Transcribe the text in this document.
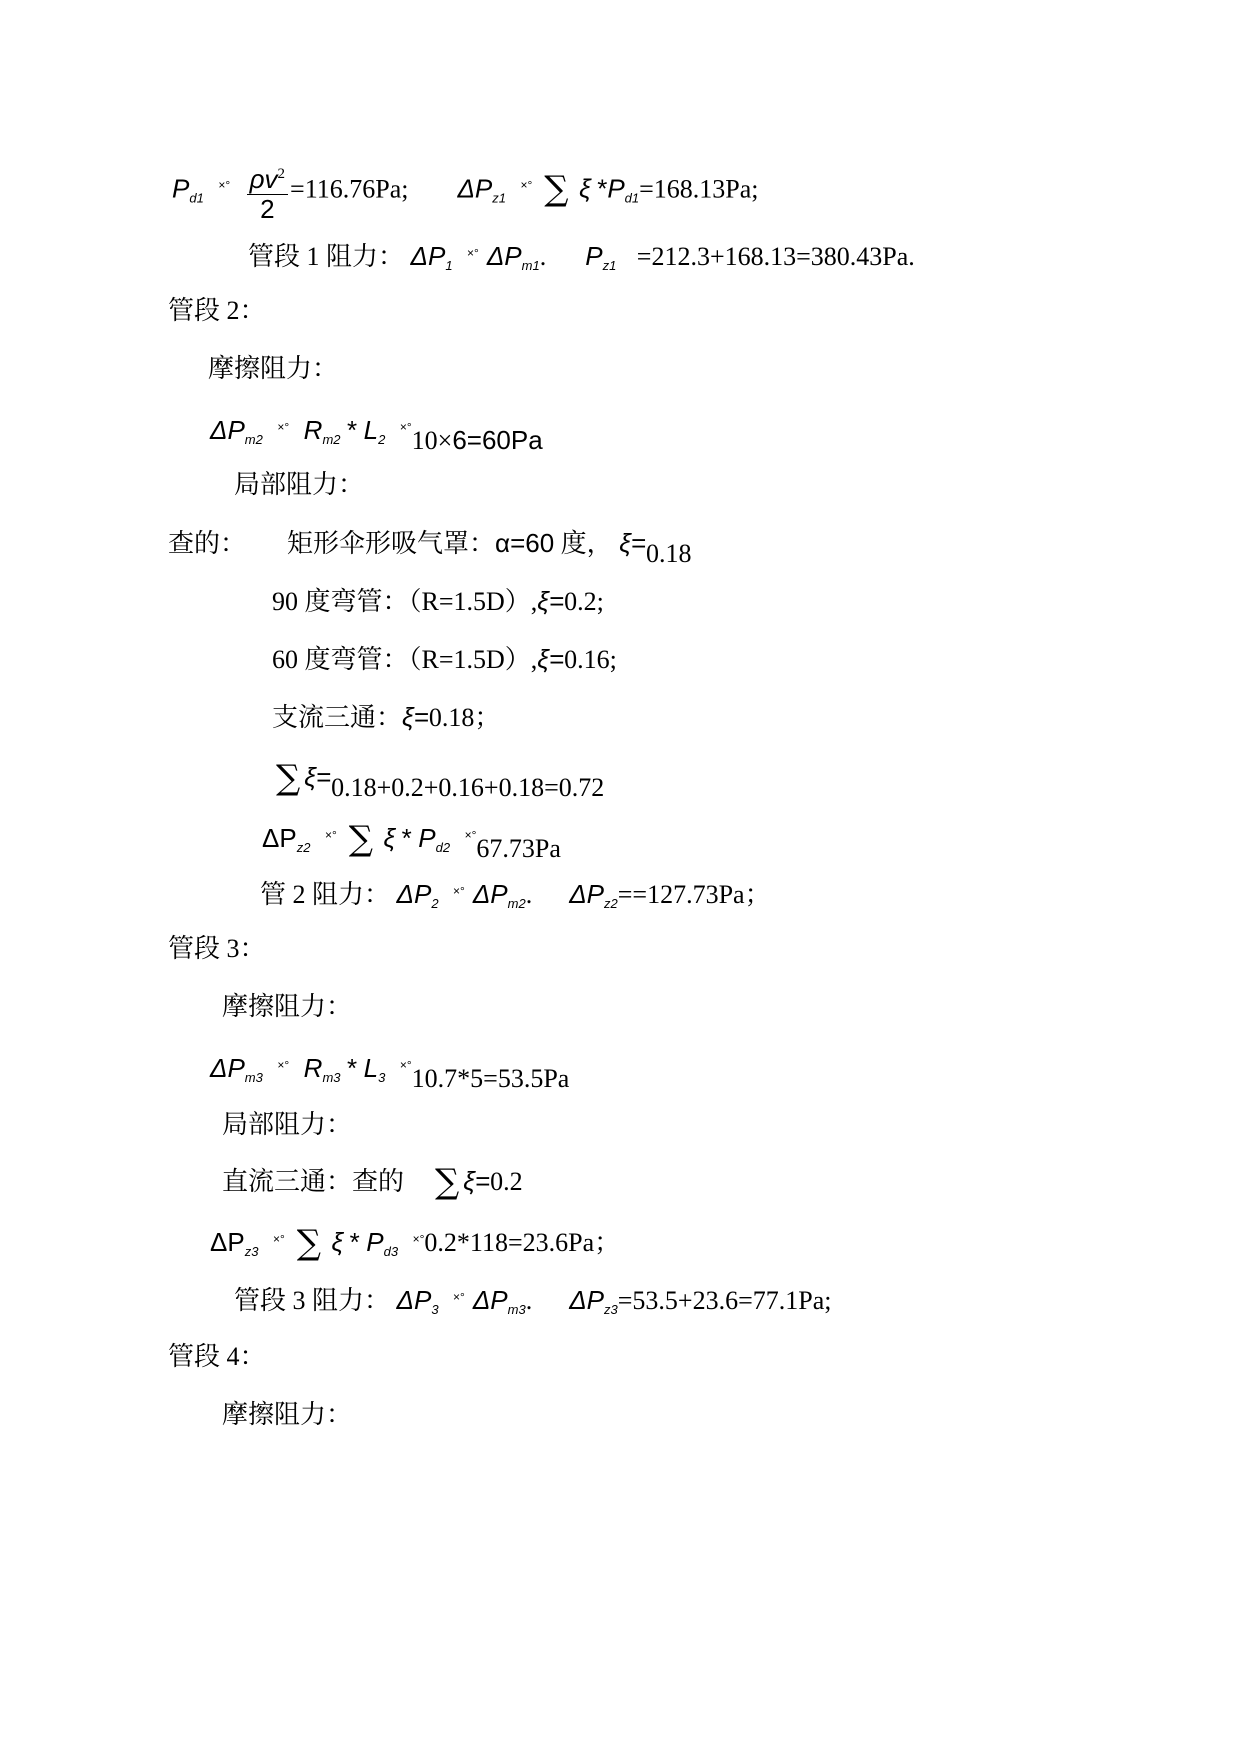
$P_{d1}$ $^{\times^\circ} \frac{\rho v^2}{2} =116.76Pa$; $\Delta P_{z1}$ ×° ∑ ξ $*P_{d1}=168.13Pa$;
管段 1 阻力： $\Delta P_1$ ×° $\Delta P_{m1}$. $P_{z1} =212.3+168.13=380.43Pa$.
管段 2：
摩擦阻力：
$\Delta P_{m2}$ ×° $R_{m2} * L_2$ ×°10×6=60Pa
局部阻力：
查的： 矩形伞形吸气罩：α=60 度， ξ=0.18
90 度弯管：（R=1.5D）,ξ=0.2;
60 度弯管：（R=1.5D）,ξ=0.16;
支流三通：ξ=0.18；
∑ ξ=0.18+0.2+0.16+0.18=0.72
$\Delta P_{z2}$ ×° ∑ ξ * $P_{d2}$ ×°67.73Pa
管 2 阻力： $\Delta P_2$ ×° $\Delta P_{m2}$. $\Delta P_{z2}==127.73Pa$；
管段 3：
摩擦阻力：
$\Delta P_{m3}$ ×° $R_{m3} * L_3$ ×°10.7*5=53.5Pa
局部阻力：
直流三通：查的 ∑ ξ=0.2
$\Delta P_{z3}$ ×° ∑ ξ * $P_{d3}$ ×°0.2*118=23.6Pa；
管段 3 阻力： $\Delta P_3$ ×° $\Delta P_{m3}$. $\Delta P_{z3}=53.5+23.6=77.1Pa$;
管段 4：
摩擦阻力：
